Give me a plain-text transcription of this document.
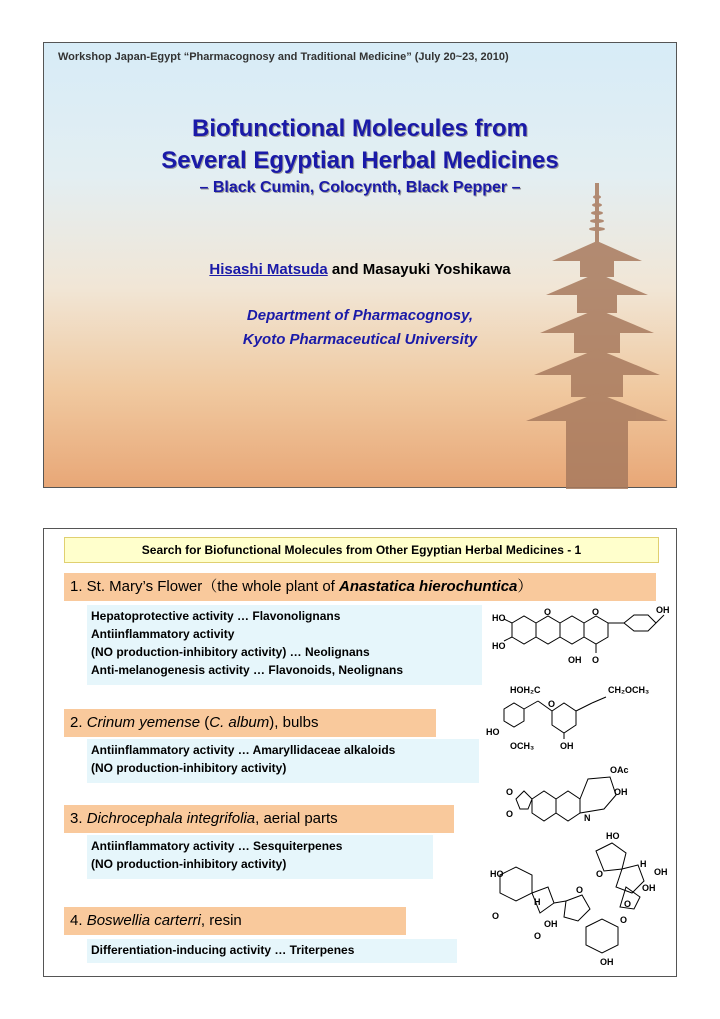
Workshop Japan-Egypt “Pharmacognosy and Traditional Medicine” (July 20~23, 2010)
Biofunctional Molecules from
Several Egyptian Herbal Medicines
– Black Cumin, Colocynth, Black Pepper –
Hisashi Matsuda and Masayuki Yoshikawa
Department of Pharmacognosy,
Kyoto Pharmaceutical University
Search for Biofunctional Molecules from Other Egyptian Herbal Medicines - 1
1. St. Mary’s Flower（the whole plant of Anastatica hierochuntica）
Hepatoprotective activity … Flavonolignans
Antiinflammatory activity
(NO production-inhibitory activity) … Neolignans
Anti-melanogenesis activity … Flavonoids, Neolignans
2. Crinum yemense (C. album), bulbs
Antiinflammatory activity … Amaryllidaceae alkaloids
(NO production-inhibitory activity)
3. Dichrocephala integrifolia, aerial parts
Antiinflammatory activity … Sesquiterpenes
(NO production-inhibitory activity)
4. Boswellia carterri, resin
Differentiation-inducing activity … Triterpenes
OH
HO
HO
O	O
OH O
HOH₂C	CH₂OCH₃
HO
O
OH
OCH₃
OAc
OH
O
O	N
HO
OH
OH
O
H
O
HO
O
H
OH
O
O
O
OH
